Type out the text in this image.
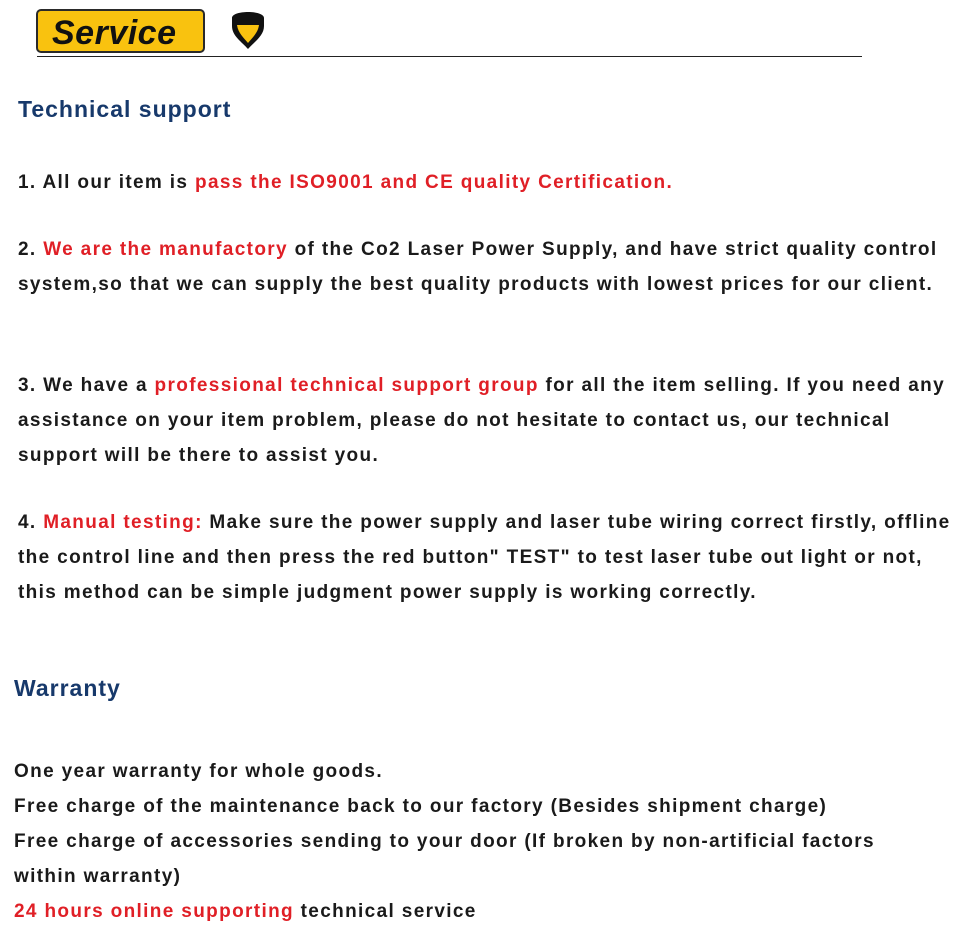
Service
Technical support

1. All our item is pass the ISO9001 and CE quality Certification.

2. We are the manufactory of the Co2 Laser Power Supply, and have strict quality control system,so that we can supply the best quality products with lowest prices for our client.

3. We have a professional technical support group for all the item selling. If you need any assistance on your item problem, please do not hesitate to contact us, our technical support will be there to assist you.

4. Manual testing: Make sure the power supply and laser tube wiring correct firstly, offline the control line and then press the red button" TEST" to test laser tube out light or not, this method can be simple judgment power supply is working correctly.

Warranty

One year warranty for whole goods.

Free charge of the maintenance back to our factory (Besides shipment charge)

Free charge of accessories sending to your door (If broken by non-artificial factors

within warranty)

24 hours online supporting technical service
